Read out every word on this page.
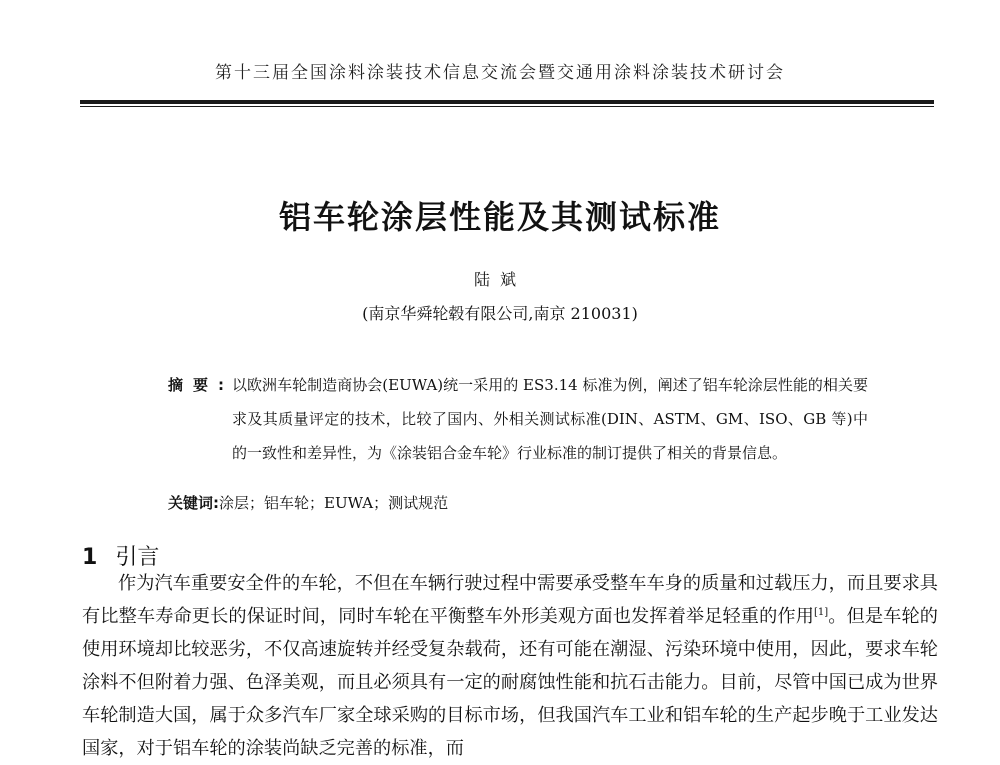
第十三届全国涂料涂装技术信息交流会暨交通用涂料涂装技术研讨会
铝车轮涂层性能及其测试标准
陆斌
(南京华舜轮毂有限公司,南京 210031)
摘要:
以欧洲车轮制造商协会(EUWA)统一采用的 ES3.14 标准为例，阐述了铝车轮涂层性能的相关要求及其质量评定的技术，比较了国内、外相关测试标准(DIN、ASTM、GM、ISO、GB 等)中的一致性和差异性，为《涂装铝合金车轮》行业标准的制订提供了相关的背景信息。
关键词:涂层；铝车轮；EUWA；测试规范
1 引言
作为汽车重要安全件的车轮，不但在车辆行驶过程中需要承受整车车身的质量和过载压力，而且要求具有比整车寿命更长的保证时间，同时车轮在平衡整车外形美观方面也发挥着举足轻重的作用[1]。但是车轮的使用环境却比较恶劣，不仅高速旋转并经受复杂载荷，还有可能在潮湿、污染环境中使用，因此，要求车轮涂料不但附着力强、色泽美观，而且必须具有一定的耐腐蚀性能和抗石击能力。目前，尽管中国已成为世界车轮制造大国，属于众多汽车厂家全球采购的目标市场，但我国汽车工业和铝车轮的生产起步晚于工业发达国家，对于铝车轮的涂装尚缺乏完善的标准，而
